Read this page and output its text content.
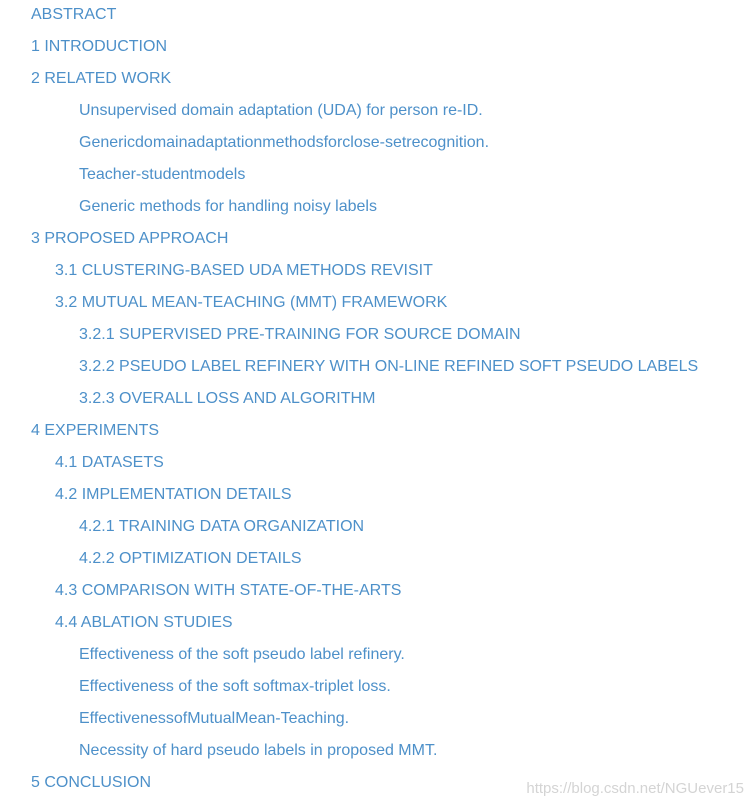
ABSTRACT
1 INTRODUCTION
2 RELATED WORK
Unsupervised domain adaptation (UDA) for person re-ID.
Genericdomainadaptationmethodsforclose-setrecognition.
Teacher-studentmodels
Generic methods for handling noisy labels
3 PROPOSED APPROACH
3.1 CLUSTERING-BASED UDA METHODS REVISIT
3.2 MUTUAL MEAN-TEACHING (MMT) FRAMEWORK
3.2.1 SUPERVISED PRE-TRAINING FOR SOURCE DOMAIN
3.2.2 PSEUDO LABEL REFINERY WITH ON-LINE REFINED SOFT PSEUDO LABELS
3.2.3 OVERALL LOSS AND ALGORITHM
4 EXPERIMENTS
4.1 DATASETS
4.2 IMPLEMENTATION DETAILS
4.2.1 TRAINING DATA ORGANIZATION
4.2.2 OPTIMIZATION DETAILS
4.3 COMPARISON WITH STATE-OF-THE-ARTS
4.4 ABLATION STUDIES
Effectiveness of the soft pseudo label refinery.
Effectiveness of the soft softmax-triplet loss.
EffectivenessofMutualMean-Teaching.
Necessity of hard pseudo labels in proposed MMT.
5 CONCLUSION	https://blog.csdn.net/NGUever15
